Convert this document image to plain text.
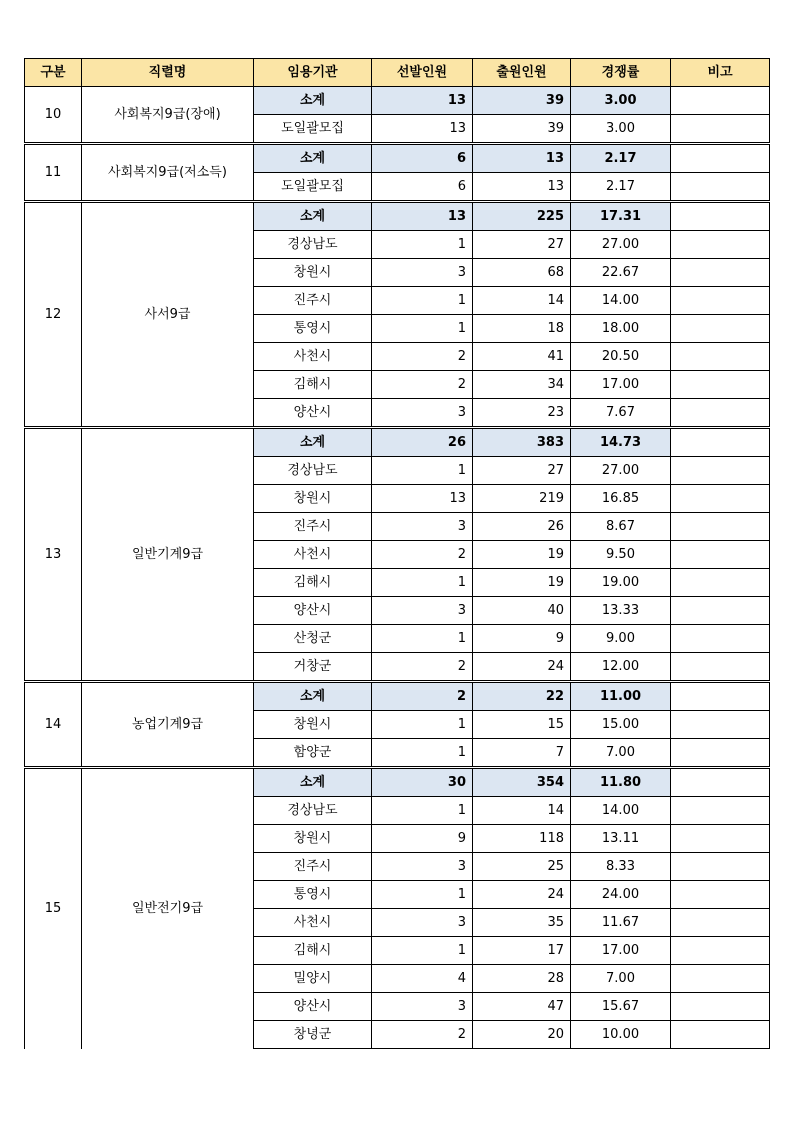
구분	직렬명	임용기관	선발인원	출원인원	경쟁률	비고
10	사회복지9급(장애)	소계	13	39	3.00	
		도일괄모집	13	39	3.00	
11	사회복지9급(저소득)	소계	6	13	2.17	
		도일괄모집	6	13	2.17	
12	사서9급	소계	13	225	17.31	
		경상남도	1	27	27.00	
		창원시	3	68	22.67	
		진주시	1	14	14.00	
		통영시	1	18	18.00	
		사천시	2	41	20.50	
		김해시	2	34	17.00	
		양산시	3	23	7.67	
13	일반기계9급	소계	26	383	14.73	
		경상남도	1	27	27.00	
		창원시	13	219	16.85	
		진주시	3	26	8.67	
		사천시	2	19	9.50	
		김해시	1	19	19.00	
		양산시	3	40	13.33	
		산청군	1	9	9.00	
		거창군	2	24	12.00	
14	농업기계9급	소계	2	22	11.00	
		창원시	1	15	15.00	
		함양군	1	7	7.00	
15	일반전기9급	소계	30	354	11.80	
		경상남도	1	14	14.00	
		창원시	9	118	13.11	
		진주시	3	25	8.33	
		통영시	1	24	24.00	
		사천시	3	35	11.67	
		김해시	1	17	17.00	
		밀양시	4	28	7.00	
		양산시	3	47	15.67	
		창녕군	2	20	10.00	
